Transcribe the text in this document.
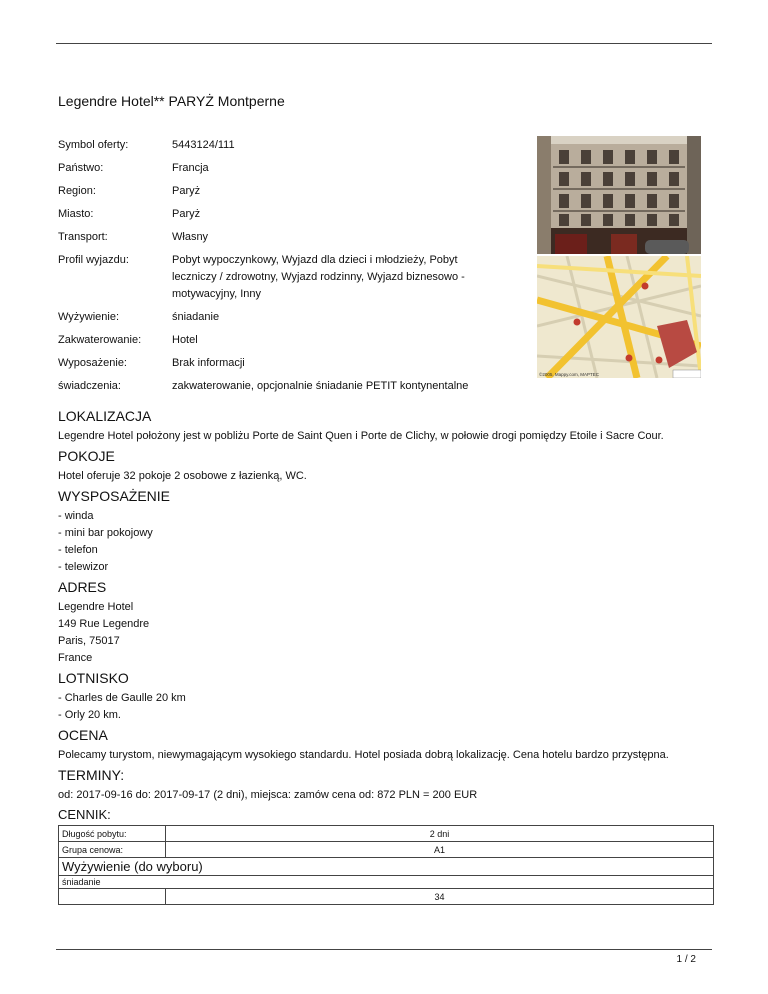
Legendre Hotel** PARYŻ Montperne
Symbol oferty:	5443124/111
Państwo:	Francja
Region:	Paryż
Miasto:	Paryż
Transport:	Własny
Profil wyjazdu:	Pobyt wypoczynkowy, Wyjazd dla dzieci i młodzieży, Pobyt
leczniczy / zdrowotny, Wyjazd rodzinny, Wyjazd biznesowo -
motywacyjny, Inny
Wyżywienie:	śniadanie
Zakwaterowanie:	Hotel
Wyposażenie:	Brak informacji
świadczenia:	zakwaterowanie, opcjonalnie śniadanie PETIT kontynentalne
©2005, Mappy.com, MAPTEC
LOKALIZACJA
Legendre Hotel położony jest w pobliżu Porte de Saint Quen i Porte de Clichy, w połowie drogi pomiędzy Etoile i Sacre Cour.
POKOJE
Hotel oferuje 32 pokoje 2 osobowe z łazienką, WC.
WYSPOSAŻENIE
- winda
- mini bar pokojowy
- telefon
- telewizor
ADRES
Legendre Hotel
149 Rue Legendre
Paris, 75017
France
LOTNISKO
- Charles de Gaulle 20 km
- Orly 20 km.
OCENA
Polecamy turystom, niewymagającym wysokiego standardu. Hotel posiada dobrą lokalizację. Cena hotelu bardzo przystępna.
TERMINY:
od: 2017-09-16 do: 2017-09-17 (2 dni), miejsca: zamów cena od: 872 PLN = 200 EUR
CENNIK:
Długość pobytu:	2 dni
Grupa cenowa:	A1
Wyżywienie (do wyboru)	
śniadanie	
	34
1 / 2
